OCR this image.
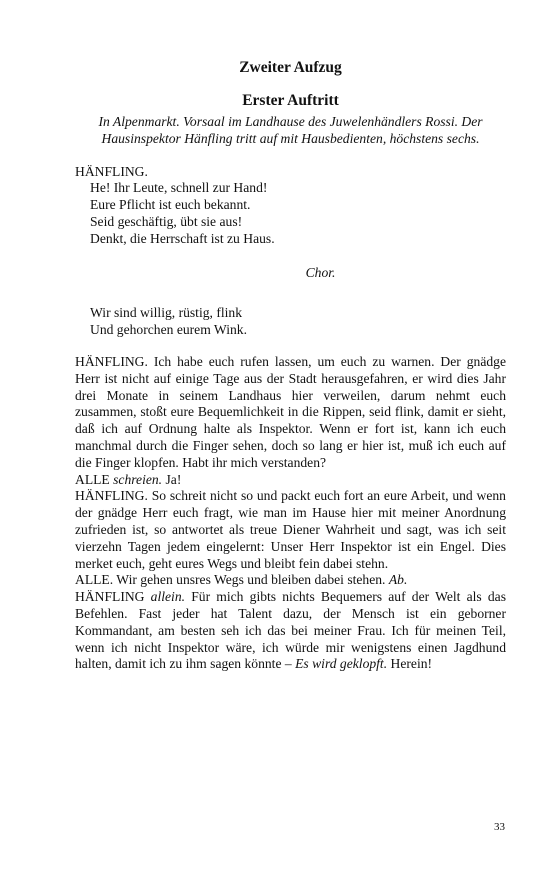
Zweiter Aufzug
Erster Auftritt
In Alpenmarkt. Vorsaal im Landhause des Juwelenhändlers Rossi. Der Hausinspektor Hänfling tritt auf mit Hausbedienten, höchstens sechs.
HÄNFLING.
He! Ihr Leute, schnell zur Hand!
Eure Pflicht ist euch bekannt.
Seid geschäftig, übt sie aus!
Denkt, die Herrschaft ist zu Haus.
Chor.
Wir sind willig, rüstig, flink
Und gehorchen eurem Wink.

HÄNFLING. Ich habe euch rufen lassen, um euch zu warnen. Der gnädge Herr ist nicht auf einige Tage aus der Stadt herausgefahren, er wird dies Jahr drei Monate in seinem Landhaus hier verweilen, darum nehmt euch zusammen, stoßt eure Bequemlichkeit in die Rippen, seid flink, damit er sieht, daß ich auf Ordnung halte als Inspektor. Wenn er fort ist, kann ich euch manchmal durch die Finger sehen, doch so lang er hier ist, muß ich euch auf die Finger klopfen. Habt ihr mich verstanden?

ALLE schreien. Ja!

HÄNFLING. So schreit nicht so und packt euch fort an eure Arbeit, und wenn der gnädge Herr euch fragt, wie man im Hause hier mit meiner Anordnung zufrieden ist, so antwortet als treue Diener Wahrheit und sagt, was ich seit vierzehn Tagen jedem eingelernt: Unser Herr Inspektor ist ein Engel. Dies merket euch, geht eures Wegs und bleibt fein dabei stehn.

ALLE. Wir gehen unsres Wegs und bleiben dabei stehen. Ab.

HÄNFLING allein. Für mich gibts nichts Bequemers auf der Welt als das Befehlen. Fast jeder hat Talent dazu, der Mensch ist ein geborner Kommandant, am besten seh ich das bei meiner Frau. Ich für meinen Teil, wenn ich nicht Inspektor wäre, ich würde mir wenigstens einen Jagdhund halten, damit ich zu ihm sagen könnte – Es wird geklopft. Herein!

33
